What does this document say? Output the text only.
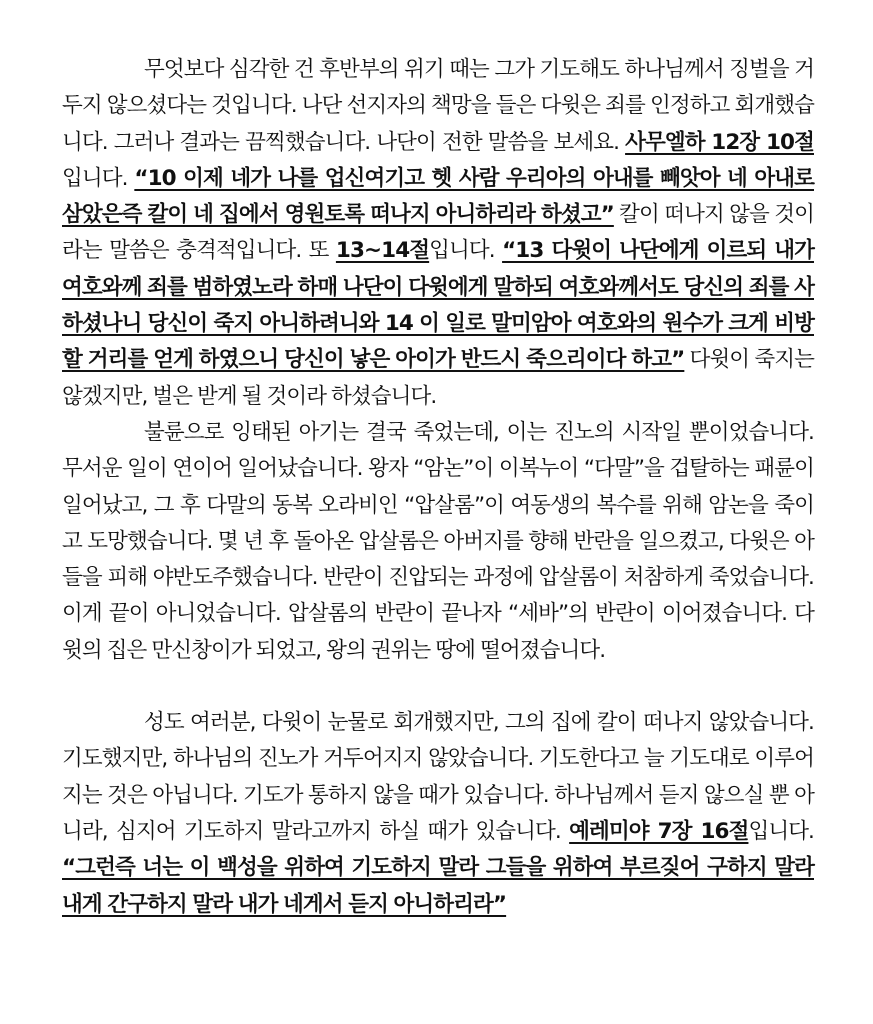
무엇보다 심각한 건 후반부의 위기 때는 그가 기도해도 하나님께서 징벌을 거두지 않으셨다는 것입니다. 나단 선지자의 책망을 들은 다윗은 죄를 인정하고 회개했습니다. 그러나 결과는 끔찍했습니다. 나단이 전한 말씀을 보세요. 사무엘하 12장 10절입니다. “10 이제 네가 나를 업신여기고 헷 사람 우리아의 아내를 빼앗아 네 아내로 삼았은즉 칼이 네 집에서 영원토록 떠나지 아니하리라 하셨고” 칼이 떠나지 않을 것이라는 말씀은 충격적입니다. 또 13~14절입니다. “13 다윗이 나단에게 이르되 내가 여호와께 죄를 범하였노라 하매 나단이 다윗에게 말하되 여호와께서도 당신의 죄를 사하셨나니 당신이 죽지 아니하려니와 14 이 일로 말미암아 여호와의 원수가 크게 비방할 거리를 얻게 하였으니 당신이 낳은 아이가 반드시 죽으리이다 하고” 다윗이 죽지는 않겠지만, 벌은 받게 될 것이라 하셨습니다.

불륜으로 잉태된 아기는 결국 죽었는데, 이는 진노의 시작일 뿐이었습니다. 무서운 일이 연이어 일어났습니다. 왕자 “암논”이 이복누이 “다말”을 겁탈하는 패륜이 일어났고, 그 후 다말의 동복 오라비인 “압살롬”이 여동생의 복수를 위해 암논을 죽이고 도망했습니다. 몇 년 후 돌아온 압살롬은 아버지를 향해 반란을 일으켰고, 다윗은 아들을 피해 야반도주했습니다. 반란이 진압되는 과정에 압살롬이 처참하게 죽었습니다. 이게 끝이 아니었습니다. 압살롬의 반란이 끝나자 “세바”의 반란이 이어졌습니다. 다윗의 집은 만신창이가 되었고, 왕의 권위는 땅에 떨어졌습니다.

성도 여러분, 다윗이 눈물로 회개했지만, 그의 집에 칼이 떠나지 않았습니다. 기도했지만, 하나님의 진노가 거두어지지 않았습니다. 기도한다고 늘 기도대로 이루어지는 것은 아닙니다. 기도가 통하지 않을 때가 있습니다. 하나님께서 듣지 않으실 뿐 아니라, 심지어 기도하지 말라고까지 하실 때가 있습니다. 예레미야 7장 16절입니다. “그런즉 너는 이 백성을 위하여 기도하지 말라 그들을 위하여 부르짖어 구하지 말라 내게 간구하지 말라 내가 네게서 듣지 아니하리라”
